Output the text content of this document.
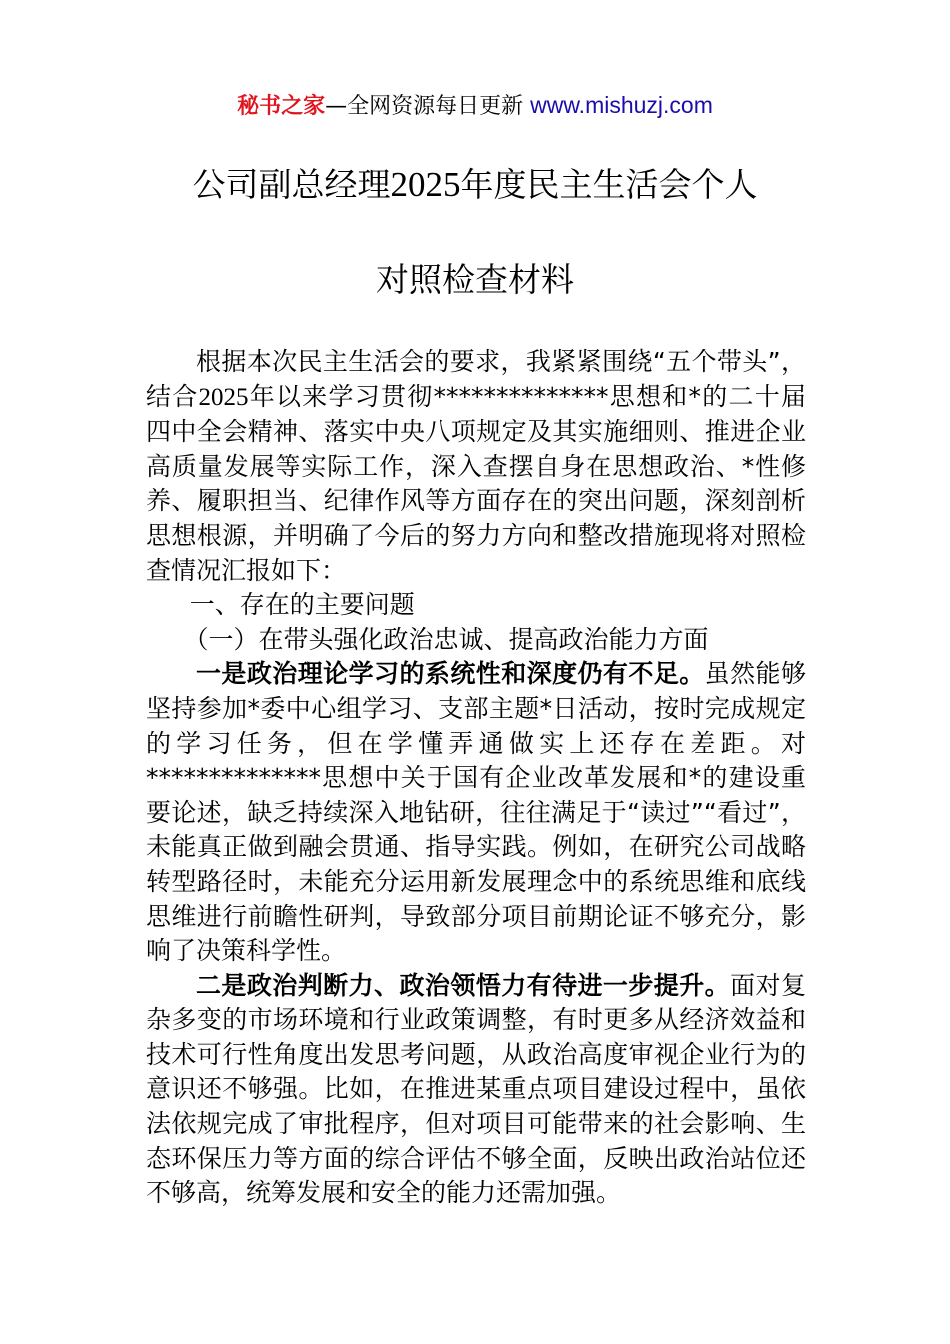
秘书之家—全网资源每日更新 www.mishuzj.com
公司副总经理2025年度民主生活会个人
对照检查材料

根据本次民主生活会的要求，我紧紧围绕“五个带头”，结合2025年以来学习贯彻**************思想和*的二十届四中全会精神、落实中央八项规定及其实施细则、推进企业高质量发展等实际工作，深入查摆自身在思想政治、*性修养、履职担当、纪律作风等方面存在的突出问题，深刻剖析思想根源，并明确了今后的努力方向和整改措施现将对照检查情况汇报如下：

一、存在的主要问题

（一）在带头强化政治忠诚、提高政治能力方面

一是政治理论学习的系统性和深度仍有不足。虽然能够坚持参加*委中心组学习、支部主题*日活动，按时完成规定的学习任务，但在学懂弄通做实上还存在差距。对**************思想中关于国有企业改革发展和*的建设重要论述，缺乏持续深入地钻研，往往满足于“读过”“看过”，未能真正做到融会贯通、指导实践。例如，在研究公司战略转型路径时，未能充分运用新发展理念中的系统思维和底线思维进行前瞻性研判，导致部分项目前期论证不够充分，影响了决策科学性。

二是政治判断力、政治领悟力有待进一步提升。面对复杂多变的市场环境和行业政策调整，有时更多从经济效益和技术可行性角度出发思考问题，从政治高度审视企业行为的意识还不够强。比如，在推进某重点项目建设过程中，虽依法依规完成了审批程序，但对项目可能带来的社会影响、生态环保压力等方面的综合评估不够全面，反映出政治站位还不够高，统筹发展和安全的能力还需加强。
